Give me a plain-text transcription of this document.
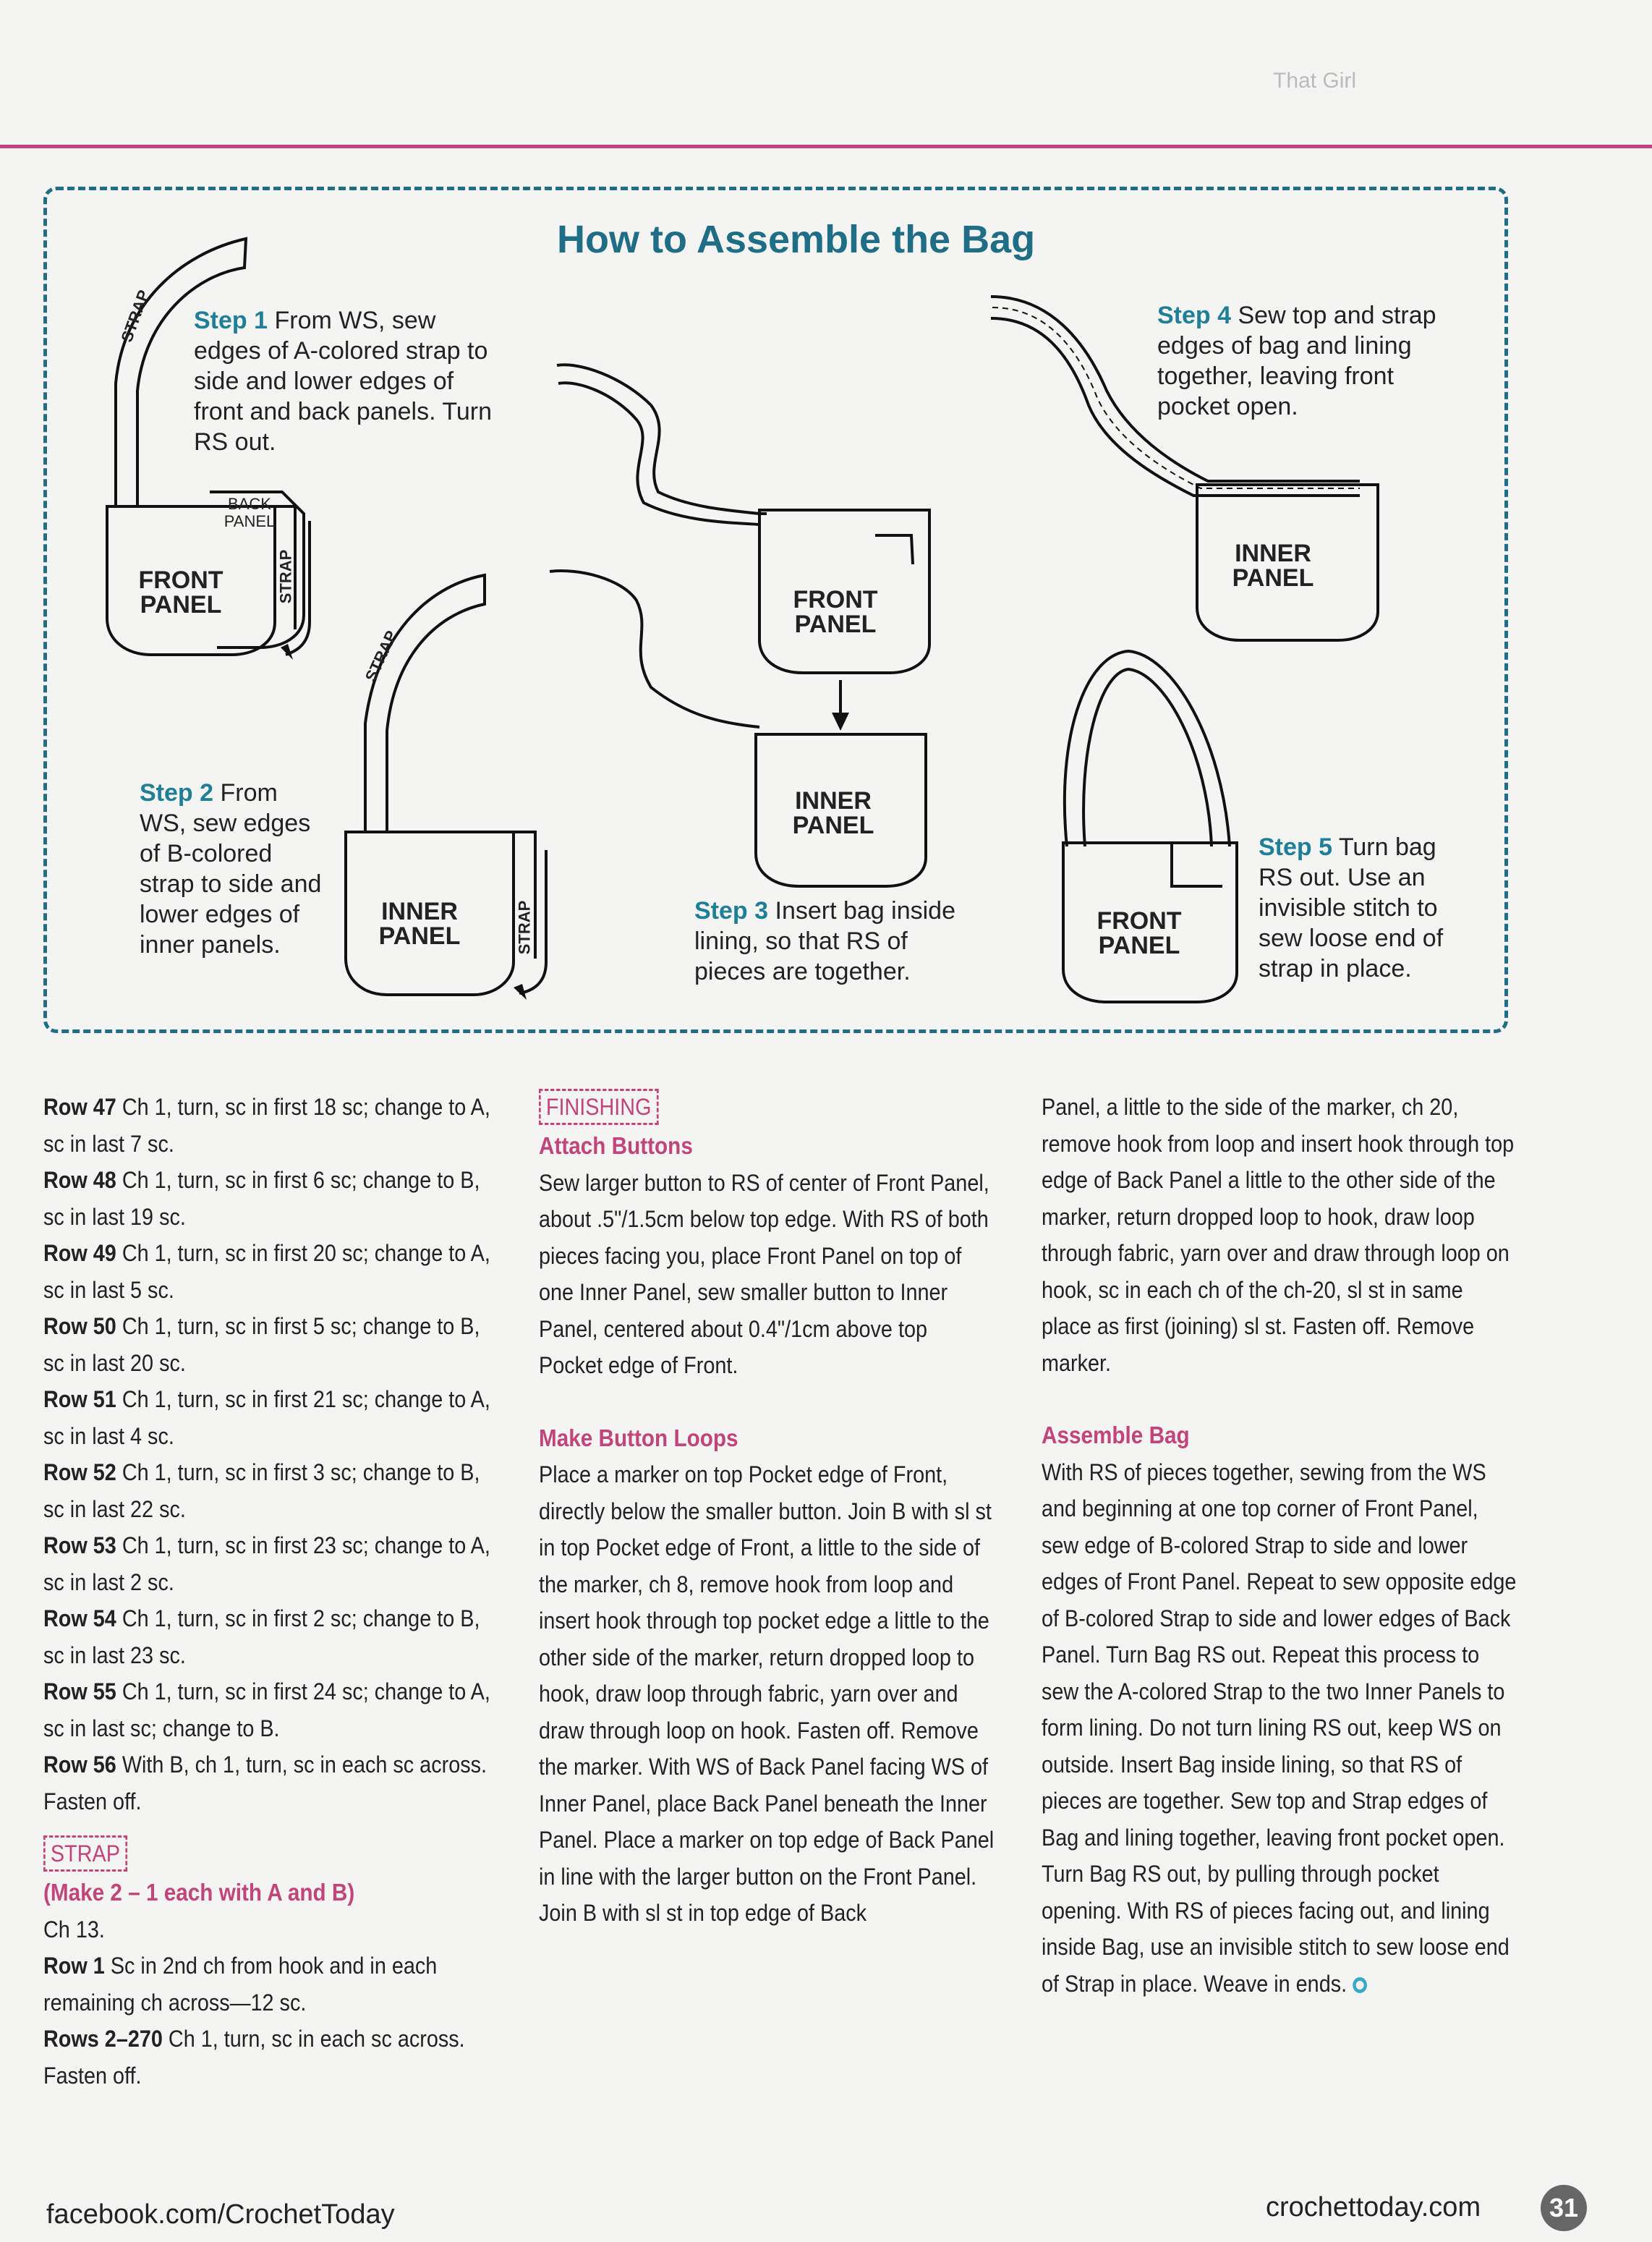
That Girl
How to Assemble the Bag
STRAP
STRAP
STRAP
STRAP
FRONT PANEL
BACK PANEL
INNER PANEL
FRONT PANEL
INNER PANEL
INNER PANEL
FRONT PANEL
Step 1 From WS, sew edges of A-colored strap to side and lower edges of front and back panels. Turn RS out.
Step 2 From WS, sew edges of B-colored strap to side and lower edges of inner panels.
Step 3 Insert bag inside lining, so that RS of pieces are together.
Step 4 Sew top and strap edges of bag and lining together, leaving front pocket open.
Step 5 Turn bag RS out. Use an invisible stitch to sew loose end of strap in place.

Row 47 Ch 1, turn, sc in first 18 sc; change to A, sc in last 7 sc.

Row 48 Ch 1, turn, sc in first 6 sc; change to B, sc in last 19 sc.

Row 49 Ch 1, turn, sc in first 20 sc; change to A, sc in last 5 sc.

Row 50 Ch 1, turn, sc in first 5 sc; change to B, sc in last 20 sc.

Row 51 Ch 1, turn, sc in first 21 sc; change to A, sc in last 4 sc.

Row 52 Ch 1, turn, sc in first 3 sc; change to B, sc in last 22 sc.

Row 53 Ch 1, turn, sc in first 23 sc; change to A, sc in last 2 sc.

Row 54 Ch 1, turn, sc in first 2 sc; change to B, sc in last 23 sc.

Row 55 Ch 1, turn, sc in first 24 sc; change to A, sc in last sc; change to B.

Row 56 With B, ch 1, turn, sc in each sc across. Fasten off.

STRAP

(Make 2 – 1 each with A and B)

Ch 13.

Row 1 Sc in 2nd ch from hook and in each remaining ch across—12 sc.

Rows 2–270 Ch 1, turn, sc in each sc across. Fasten off.

FINISHING

Attach Buttons

Sew larger button to RS of center of Front Panel, about .5"/1.5cm below top edge. With RS of both pieces facing you, place Front Panel on top of one Inner Panel, sew smaller button to Inner Panel, centered about 0.4"/1cm above top Pocket edge of Front.

Make Button Loops

Place a marker on top Pocket edge of Front, directly below the smaller button. Join B with sl st in top Pocket edge of Front, a little to the side of the marker, ch 8, remove hook from loop and insert hook through top pocket edge a little to the other side of the marker, return dropped loop to hook, draw loop through fabric, yarn over and draw through loop on hook. Fasten off. Remove the marker. With WS of Back Panel facing WS of Inner Panel, place Back Panel beneath the Inner Panel. Place a marker on top edge of Back Panel in line with the larger button on the Front Panel. Join B with sl st in top edge of Back

Panel, a little to the side of the marker, ch 20, remove hook from loop and insert hook through top edge of Back Panel a little to the other side of the marker, return dropped loop to hook, draw loop through fabric, yarn over and draw through loop on hook, sc in each ch of the ch-20, sl st in same place as first (joining) sl st. Fasten off. Remove marker.

Assemble Bag

With RS of pieces together, sewing from the WS and beginning at one top corner of Front Panel, sew edge of B-colored Strap to side and lower edges of Front Panel. Repeat to sew opposite edge of B-colored Strap to side and lower edges of Back Panel. Turn Bag RS out. Repeat this process to sew the A-colored Strap to the two Inner Panels to form lining. Do not turn lining RS out, keep WS on outside. Insert Bag inside lining, so that RS of pieces are together. Sew top and Strap edges of Bag and lining together, leaving front pocket open. Turn Bag RS out, by pulling through pocket opening. With RS of pieces facing out, and lining inside Bag, use an invisible stitch to sew loose end of Strap in place. Weave in ends.

facebook.com/CrochetToday	crochettoday.com	31
